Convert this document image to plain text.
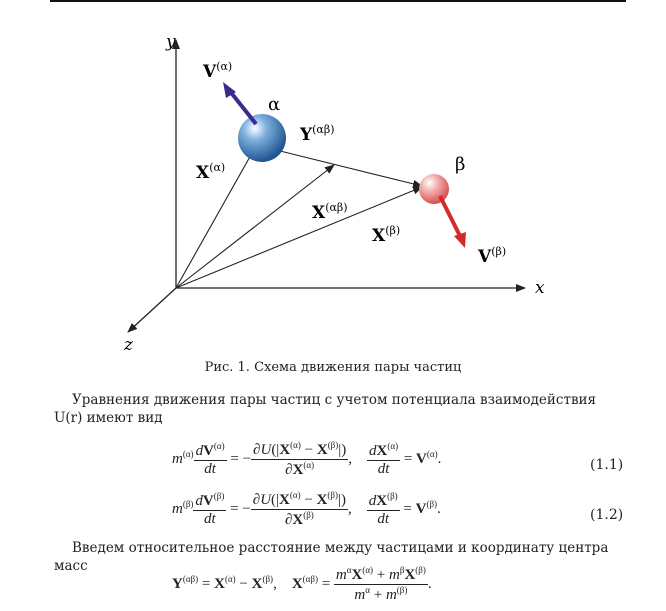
y
x
z
$V^{(\alpha)}$
α
$Y^{(\alpha\beta)}$
$X^{(\alpha)}$	β
$X^{(\alpha\beta)}$
$X^{(\beta)}$
$V^{(\beta)}$
Рис. 1. Схема движения пары частиц
Уравнения движения пары частиц с учетом потенциала взаимодействия U(r) имеют вид
$m^{(\alpha)} \frac{dV^{(\alpha)}}{dt}$ = − $\frac{\partial U(|X^{(\alpha)} - X^{(\beta)}|)}{\partial X^{(\alpha)}}$ , $\frac{dX^{(\alpha)}}{dt} = V^{(\alpha)}$.	(1.1)
$m^{(\beta)} \frac{dV^{(\beta)}}{dt}$ = − $\frac{\partial U(|X^{(\alpha)} - X^{(\beta)}|)}{\partial X^{(\beta)}}$ , $\frac{dX^{(\beta)}}{dt} = V^{(\beta)}$.	(1.2)
Введем относительное расстояние между частицами и координату центра масс
$Y^{(\alpha\beta)} = X^{(\alpha)} - X^{(\beta)}$,    $X^{(\alpha\beta)} = \frac{m^\alpha X^{(\alpha)} + m^\beta X^{(\beta)}}{m^\alpha + m^{(\beta)}}$ .
